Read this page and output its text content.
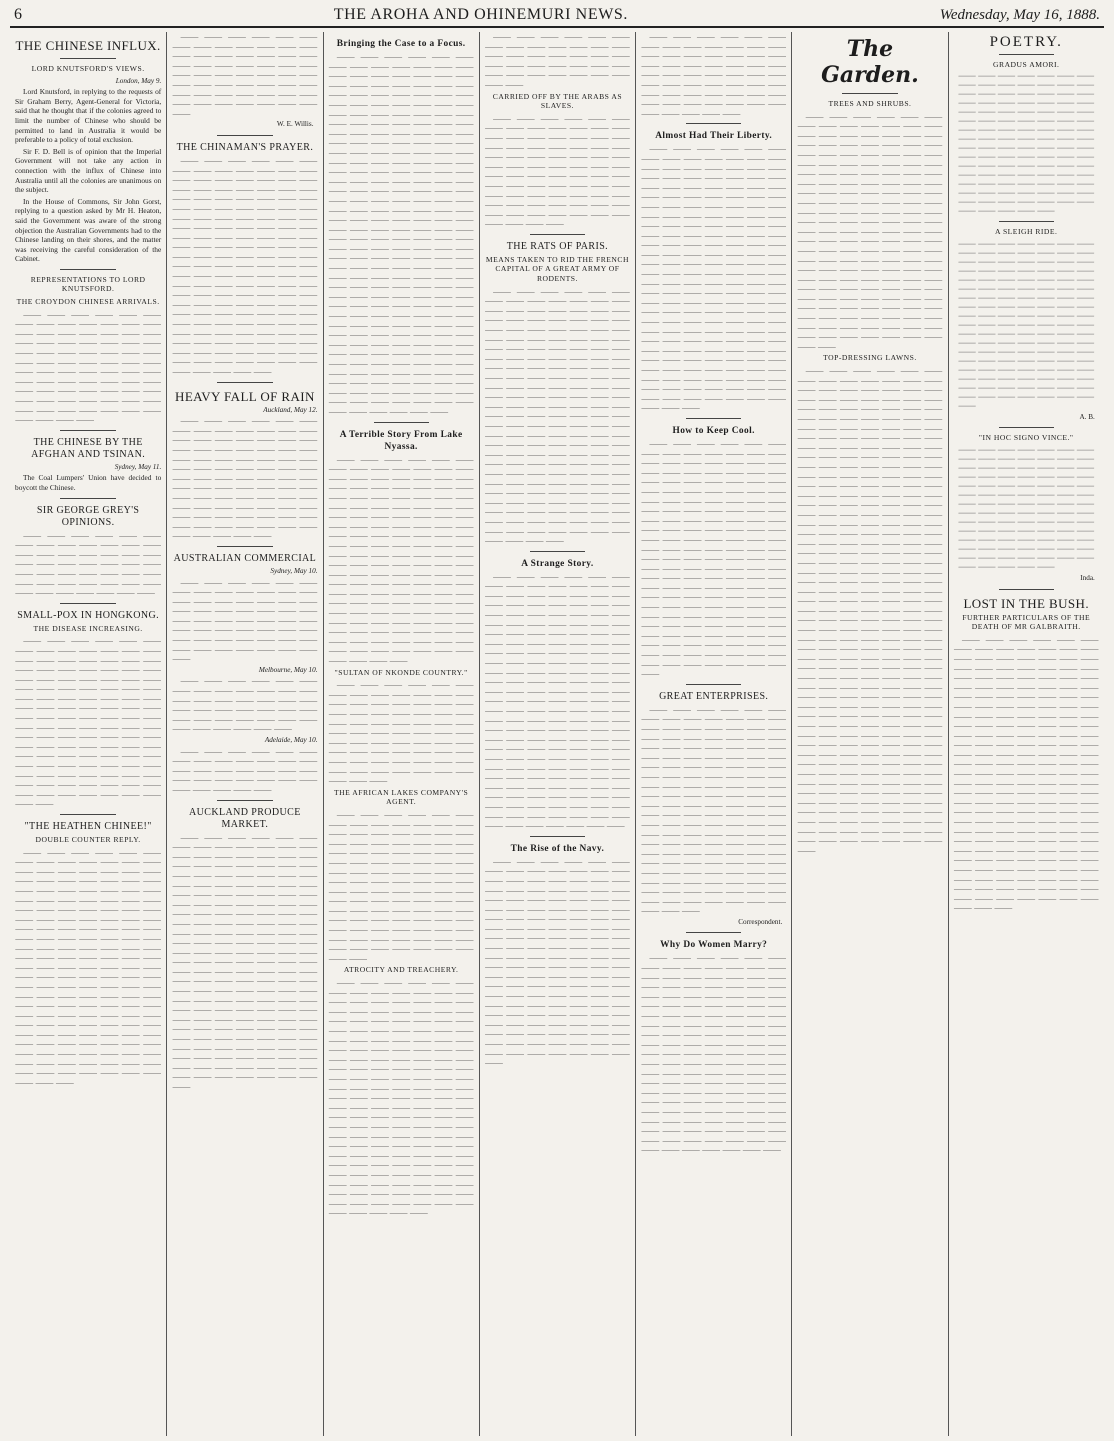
6	THE AROHA AND OHINEMURI NEWS.	Wednesday, May 16, 1888.
THE CHINESE INFLUX.
LORD KNUTSFORD'S VIEWS.
London, May 9.
Lord Knutsford, in replying to the requests of Sir Graham Berry, Agent-General for Victoria, said that he thought that if the colonies agreed to limit the number of Chinese who should be permitted to land in Australia it would be preferable to a policy of total exclusion.
Sir F. D. Bell is of opinion that the Imperial Government will not take any action in connection with the influx of Chinese into Australia until all the colonies are unanimous on the subject.
In the House of Commons, Sir John Gorst, replying to a question asked by Mr H. Heaton, said the Government was aware of the strong objection the Australian Governments had to the Chinese landing on their shores, and the matter was receiving the careful consideration of the Cabinet.
REPRESENTATIONS TO LORD KNUTSFORD.
THE CROYDON CHINESE ARRIVALS.
⸻ ⸻ ⸻ ⸻ ⸻ ⸻ ⸻ ⸻ ⸻ ⸻ ⸻ ⸻ ⸻ ⸻ ⸻ ⸻ ⸻ ⸻ ⸻ ⸻ ⸻ ⸻ ⸻ ⸻ ⸻ ⸻ ⸻ ⸻ ⸻ ⸻ ⸻ ⸻ ⸻ ⸻ ⸻ ⸻ ⸻ ⸻ ⸻ ⸻ ⸻ ⸻ ⸻ ⸻ ⸻ ⸻ ⸻ ⸻ ⸻ ⸻ ⸻ ⸻ ⸻ ⸻ ⸻ ⸻ ⸻ ⸻ ⸻ ⸻ ⸻ ⸻ ⸻ ⸻ ⸻ ⸻ ⸻ ⸻ ⸻ ⸻ ⸻ ⸻ ⸻ ⸻ ⸻ ⸻ ⸻ ⸻ ⸻ ⸻
THE CHINESE BY THE AFGHAN AND TSINAN.
Sydney, May 11.
The Coal Lumpers' Union have decided to boycott the Chinese.
SIR GEORGE GREY'S OPINIONS.
⸻ ⸻ ⸻ ⸻ ⸻ ⸻ ⸻ ⸻ ⸻ ⸻ ⸻ ⸻ ⸻ ⸻ ⸻ ⸻ ⸻ ⸻ ⸻ ⸻ ⸻ ⸻ ⸻ ⸻ ⸻ ⸻ ⸻ ⸻ ⸻ ⸻ ⸻ ⸻ ⸻ ⸻ ⸻ ⸻ ⸻ ⸻ ⸻ ⸻ ⸻ ⸻ ⸻ ⸻ ⸻ ⸻ ⸻ ⸻
SMALL-POX IN HONGKONG.
THE DISEASE INCREASING.
⸻ ⸻ ⸻ ⸻ ⸻ ⸻ ⸻ ⸻ ⸻ ⸻ ⸻ ⸻ ⸻ ⸻ ⸻ ⸻ ⸻ ⸻ ⸻ ⸻ ⸻ ⸻ ⸻ ⸻ ⸻ ⸻ ⸻ ⸻ ⸻ ⸻ ⸻ ⸻ ⸻ ⸻ ⸻ ⸻ ⸻ ⸻ ⸻ ⸻ ⸻ ⸻ ⸻ ⸻ ⸻ ⸻ ⸻ ⸻ ⸻ ⸻ ⸻ ⸻ ⸻ ⸻ ⸻ ⸻ ⸻ ⸻ ⸻ ⸻ ⸻ ⸻ ⸻ ⸻ ⸻ ⸻ ⸻ ⸻ ⸻ ⸻ ⸻ ⸻ ⸻ ⸻ ⸻ ⸻ ⸻ ⸻ ⸻ ⸻ ⸻ ⸻ ⸻ ⸻ ⸻ ⸻ ⸻ ⸻ ⸻ ⸻ ⸻ ⸻ ⸻ ⸻ ⸻ ⸻ ⸻ ⸻ ⸻ ⸻ ⸻ ⸻ ⸻ ⸻ ⸻ ⸻ ⸻ ⸻ ⸻ ⸻ ⸻ ⸻ ⸻ ⸻ ⸻ ⸻ ⸻ ⸻ ⸻ ⸻
"THE HEATHEN CHINEE!"
DOUBLE COUNTER REPLY.
⸻ ⸻ ⸻ ⸻ ⸻ ⸻ ⸻ ⸻ ⸻ ⸻ ⸻ ⸻ ⸻ ⸻ ⸻ ⸻ ⸻ ⸻ ⸻ ⸻ ⸻ ⸻ ⸻ ⸻ ⸻ ⸻ ⸻ ⸻ ⸻ ⸻ ⸻ ⸻ ⸻ ⸻ ⸻ ⸻ ⸻ ⸻ ⸻ ⸻ ⸻ ⸻ ⸻ ⸻ ⸻ ⸻ ⸻ ⸻ ⸻ ⸻ ⸻ ⸻ ⸻ ⸻ ⸻ ⸻ ⸻ ⸻ ⸻ ⸻ ⸻ ⸻ ⸻ ⸻ ⸻ ⸻ ⸻ ⸻ ⸻ ⸻ ⸻ ⸻ ⸻ ⸻ ⸻ ⸻ ⸻ ⸻ ⸻ ⸻ ⸻ ⸻ ⸻ ⸻ ⸻ ⸻ ⸻ ⸻ ⸻ ⸻ ⸻ ⸻ ⸻ ⸻ ⸻ ⸻ ⸻ ⸻ ⸻ ⸻ ⸻ ⸻ ⸻ ⸻ ⸻ ⸻ ⸻ ⸻ ⸻ ⸻ ⸻ ⸻ ⸻ ⸻ ⸻ ⸻ ⸻ ⸻ ⸻ ⸻ ⸻ ⸻ ⸻ ⸻ ⸻ ⸻ ⸻ ⸻ ⸻ ⸻ ⸻ ⸻ ⸻ ⸻ ⸻ ⸻ ⸻ ⸻ ⸻ ⸻ ⸻ ⸻ ⸻ ⸻ ⸻ ⸻ ⸻ ⸻ ⸻ ⸻ ⸻ ⸻ ⸻ ⸻ ⸻ ⸻ ⸻ ⸻ ⸻ ⸻ ⸻ ⸻ ⸻ ⸻ ⸻ ⸻ ⸻ ⸻ ⸻ ⸻
⸻ ⸻ ⸻ ⸻ ⸻ ⸻ ⸻ ⸻ ⸻ ⸻ ⸻ ⸻ ⸻ ⸻ ⸻ ⸻ ⸻ ⸻ ⸻ ⸻ ⸻ ⸻ ⸻ ⸻ ⸻ ⸻ ⸻ ⸻ ⸻ ⸻ ⸻ ⸻ ⸻ ⸻ ⸻ ⸻ ⸻ ⸻ ⸻ ⸻ ⸻ ⸻ ⸻ ⸻ ⸻ ⸻ ⸻ ⸻ ⸻ ⸻ ⸻ ⸻ ⸻ ⸻ ⸻ ⸻
W. E. Willis.
THE CHINAMAN'S PRAYER.
⸻ ⸻ ⸻ ⸻ ⸻ ⸻ ⸻ ⸻ ⸻ ⸻ ⸻ ⸻ ⸻ ⸻ ⸻ ⸻ ⸻ ⸻ ⸻ ⸻ ⸻ ⸻ ⸻ ⸻ ⸻ ⸻ ⸻ ⸻ ⸻ ⸻ ⸻ ⸻ ⸻ ⸻ ⸻ ⸻ ⸻ ⸻ ⸻ ⸻ ⸻ ⸻ ⸻ ⸻ ⸻ ⸻ ⸻ ⸻ ⸻ ⸻ ⸻ ⸻ ⸻ ⸻ ⸻ ⸻ ⸻ ⸻ ⸻ ⸻ ⸻ ⸻ ⸻ ⸻ ⸻ ⸻ ⸻ ⸻ ⸻ ⸻ ⸻ ⸻ ⸻ ⸻ ⸻ ⸻ ⸻ ⸻ ⸻ ⸻ ⸻ ⸻ ⸻ ⸻ ⸻ ⸻ ⸻ ⸻ ⸻ ⸻ ⸻ ⸻ ⸻ ⸻ ⸻ ⸻ ⸻ ⸻ ⸻ ⸻ ⸻ ⸻ ⸻ ⸻ ⸻ ⸻ ⸻ ⸻ ⸻ ⸻ ⸻ ⸻ ⸻ ⸻ ⸻ ⸻ ⸻ ⸻ ⸻ ⸻ ⸻ ⸻ ⸻ ⸻ ⸻ ⸻ ⸻ ⸻ ⸻ ⸻ ⸻ ⸻ ⸻ ⸻ ⸻ ⸻ ⸻ ⸻ ⸻ ⸻ ⸻ ⸻ ⸻ ⸻ ⸻ ⸻ ⸻ ⸻ ⸻ ⸻ ⸻ ⸻ ⸻ ⸻ ⸻ ⸻ ⸻ ⸻
HEAVY FALL OF RAIN
Auckland, May 12.
⸻ ⸻ ⸻ ⸻ ⸻ ⸻ ⸻ ⸻ ⸻ ⸻ ⸻ ⸻ ⸻ ⸻ ⸻ ⸻ ⸻ ⸻ ⸻ ⸻ ⸻ ⸻ ⸻ ⸻ ⸻ ⸻ ⸻ ⸻ ⸻ ⸻ ⸻ ⸻ ⸻ ⸻ ⸻ ⸻ ⸻ ⸻ ⸻ ⸻ ⸻ ⸻ ⸻ ⸻ ⸻ ⸻ ⸻ ⸻ ⸻ ⸻ ⸻ ⸻ ⸻ ⸻ ⸻ ⸻ ⸻ ⸻ ⸻ ⸻ ⸻ ⸻ ⸻ ⸻ ⸻ ⸻ ⸻ ⸻ ⸻ ⸻ ⸻ ⸻ ⸻ ⸻ ⸻ ⸻ ⸻ ⸻ ⸻ ⸻ ⸻ ⸻ ⸻ ⸻ ⸻ ⸻ ⸻ ⸻
AUSTRALIAN COMMERCIAL
Sydney, May 10.
⸻ ⸻ ⸻ ⸻ ⸻ ⸻ ⸻ ⸻ ⸻ ⸻ ⸻ ⸻ ⸻ ⸻ ⸻ ⸻ ⸻ ⸻ ⸻ ⸻ ⸻ ⸻ ⸻ ⸻ ⸻ ⸻ ⸻ ⸻ ⸻ ⸻ ⸻ ⸻ ⸻ ⸻ ⸻ ⸻ ⸻ ⸻ ⸻ ⸻ ⸻ ⸻ ⸻ ⸻ ⸻ ⸻ ⸻ ⸻ ⸻ ⸻ ⸻ ⸻ ⸻ ⸻ ⸻ ⸻
Melbourne, May 10.
⸻ ⸻ ⸻ ⸻ ⸻ ⸻ ⸻ ⸻ ⸻ ⸻ ⸻ ⸻ ⸻ ⸻ ⸻ ⸻ ⸻ ⸻ ⸻ ⸻ ⸻ ⸻ ⸻ ⸻ ⸻ ⸻ ⸻ ⸻ ⸻ ⸻ ⸻ ⸻ ⸻ ⸻ ⸻ ⸻ ⸻ ⸻ ⸻ ⸻
Adelaide, May 10.
⸻ ⸻ ⸻ ⸻ ⸻ ⸻ ⸻ ⸻ ⸻ ⸻ ⸻ ⸻ ⸻ ⸻ ⸻ ⸻ ⸻ ⸻ ⸻ ⸻ ⸻ ⸻ ⸻ ⸻ ⸻ ⸻ ⸻ ⸻ ⸻ ⸻ ⸻ ⸻
AUCKLAND PRODUCE MARKET.
⸻ ⸻ ⸻ ⸻ ⸻ ⸻ ⸻ ⸻ ⸻ ⸻ ⸻ ⸻ ⸻ ⸻ ⸻ ⸻ ⸻ ⸻ ⸻ ⸻ ⸻ ⸻ ⸻ ⸻ ⸻ ⸻ ⸻ ⸻ ⸻ ⸻ ⸻ ⸻ ⸻ ⸻ ⸻ ⸻ ⸻ ⸻ ⸻ ⸻ ⸻ ⸻ ⸻ ⸻ ⸻ ⸻ ⸻ ⸻ ⸻ ⸻ ⸻ ⸻ ⸻ ⸻ ⸻ ⸻ ⸻ ⸻ ⸻ ⸻ ⸻ ⸻ ⸻ ⸻ ⸻ ⸻ ⸻ ⸻ ⸻ ⸻ ⸻ ⸻ ⸻ ⸻ ⸻ ⸻ ⸻ ⸻ ⸻ ⸻ ⸻ ⸻ ⸻ ⸻ ⸻ ⸻ ⸻ ⸻ ⸻ ⸻ ⸻ ⸻ ⸻ ⸻ ⸻ ⸻ ⸻ ⸻ ⸻ ⸻ ⸻ ⸻ ⸻ ⸻ ⸻ ⸻ ⸻ ⸻ ⸻ ⸻ ⸻ ⸻ ⸻ ⸻ ⸻ ⸻ ⸻ ⸻ ⸻ ⸻ ⸻ ⸻ ⸻ ⸻ ⸻ ⸻ ⸻ ⸻ ⸻ ⸻ ⸻ ⸻ ⸻ ⸻ ⸻ ⸻ ⸻ ⸻ ⸻ ⸻ ⸻ ⸻ ⸻ ⸻ ⸻ ⸻ ⸻ ⸻ ⸻ ⸻ ⸻ ⸻ ⸻ ⸻ ⸻ ⸻ ⸻ ⸻ ⸻ ⸻ ⸻ ⸻ ⸻ ⸻ ⸻ ⸻ ⸻ ⸻ ⸻ ⸻ ⸻ ⸻ ⸻ ⸻ ⸻ ⸻ ⸻ ⸻ ⸻ ⸻ ⸻ ⸻
Bringing the Case to a Focus.
⸻ ⸻ ⸻ ⸻ ⸻ ⸻ ⸻ ⸻ ⸻ ⸻ ⸻ ⸻ ⸻ ⸻ ⸻ ⸻ ⸻ ⸻ ⸻ ⸻ ⸻ ⸻ ⸻ ⸻ ⸻ ⸻ ⸻ ⸻ ⸻ ⸻ ⸻ ⸻ ⸻ ⸻ ⸻ ⸻ ⸻ ⸻ ⸻ ⸻ ⸻ ⸻ ⸻ ⸻ ⸻ ⸻ ⸻ ⸻ ⸻ ⸻ ⸻ ⸻ ⸻ ⸻ ⸻ ⸻ ⸻ ⸻ ⸻ ⸻ ⸻ ⸻ ⸻ ⸻ ⸻ ⸻ ⸻ ⸻ ⸻ ⸻ ⸻ ⸻ ⸻ ⸻ ⸻ ⸻ ⸻ ⸻ ⸻ ⸻ ⸻ ⸻ ⸻ ⸻ ⸻ ⸻ ⸻ ⸻ ⸻ ⸻ ⸻ ⸻ ⸻ ⸻ ⸻ ⸻ ⸻ ⸻ ⸻ ⸻ ⸻ ⸻ ⸻ ⸻ ⸻ ⸻ ⸻ ⸻ ⸻ ⸻ ⸻ ⸻ ⸻ ⸻ ⸻ ⸻ ⸻ ⸻ ⸻ ⸻ ⸻ ⸻ ⸻ ⸻ ⸻ ⸻ ⸻ ⸻ ⸻ ⸻ ⸻ ⸻ ⸻ ⸻ ⸻ ⸻ ⸻ ⸻ ⸻ ⸻ ⸻ ⸻ ⸻ ⸻ ⸻ ⸻ ⸻ ⸻ ⸻ ⸻ ⸻ ⸻ ⸻ ⸻ ⸻ ⸻ ⸻ ⸻ ⸻ ⸻ ⸻ ⸻ ⸻ ⸻ ⸻ ⸻ ⸻ ⸻ ⸻ ⸻ ⸻ ⸻ ⸻ ⸻ ⸻ ⸻ ⸻ ⸻ ⸻ ⸻ ⸻ ⸻ ⸻ ⸻ ⸻ ⸻ ⸻ ⸻ ⸻ ⸻ ⸻ ⸻ ⸻ ⸻ ⸻ ⸻ ⸻ ⸻ ⸻ ⸻ ⸻ ⸻ ⸻ ⸻ ⸻ ⸻ ⸻ ⸻ ⸻ ⸻ ⸻ ⸻ ⸻ ⸻ ⸻ ⸻ ⸻ ⸻ ⸻ ⸻ ⸻ ⸻ ⸻ ⸻ ⸻ ⸻ ⸻ ⸻ ⸻ ⸻ ⸻ ⸻ ⸻ ⸻ ⸻ ⸻ ⸻ ⸻ ⸻ ⸻ ⸻ ⸻ ⸻ ⸻ ⸻ ⸻ ⸻ ⸻ ⸻ ⸻ ⸻ ⸻ ⸻ ⸻ ⸻ ⸻ ⸻ ⸻ ⸻ ⸻ ⸻ ⸻ ⸻ ⸻
A Terrible Story From Lake Nyassa.
⸻ ⸻ ⸻ ⸻ ⸻ ⸻ ⸻ ⸻ ⸻ ⸻ ⸻ ⸻ ⸻ ⸻ ⸻ ⸻ ⸻ ⸻ ⸻ ⸻ ⸻ ⸻ ⸻ ⸻ ⸻ ⸻ ⸻ ⸻ ⸻ ⸻ ⸻ ⸻ ⸻ ⸻ ⸻ ⸻ ⸻ ⸻ ⸻ ⸻ ⸻ ⸻ ⸻ ⸻ ⸻ ⸻ ⸻ ⸻ ⸻ ⸻ ⸻ ⸻ ⸻ ⸻ ⸻ ⸻ ⸻ ⸻ ⸻ ⸻ ⸻ ⸻ ⸻ ⸻ ⸻ ⸻ ⸻ ⸻ ⸻ ⸻ ⸻ ⸻ ⸻ ⸻ ⸻ ⸻ ⸻ ⸻ ⸻ ⸻ ⸻ ⸻ ⸻ ⸻ ⸻ ⸻ ⸻ ⸻ ⸻ ⸻ ⸻ ⸻ ⸻ ⸻ ⸻ ⸻ ⸻ ⸻ ⸻ ⸻ ⸻ ⸻ ⸻ ⸻ ⸻ ⸻ ⸻ ⸻ ⸻ ⸻ ⸻ ⸻ ⸻ ⸻ ⸻ ⸻ ⸻ ⸻ ⸻ ⸻ ⸻ ⸻ ⸻ ⸻ ⸻ ⸻ ⸻ ⸻ ⸻ ⸻ ⸻ ⸻ ⸻ ⸻ ⸻ ⸻ ⸻ ⸻ ⸻ ⸻ ⸻ ⸻ ⸻ ⸻ ⸻ ⸻ ⸻ ⸻ ⸻ ⸻
"SULTAN OF NKONDE COUNTRY."
⸻ ⸻ ⸻ ⸻ ⸻ ⸻ ⸻ ⸻ ⸻ ⸻ ⸻ ⸻ ⸻ ⸻ ⸻ ⸻ ⸻ ⸻ ⸻ ⸻ ⸻ ⸻ ⸻ ⸻ ⸻ ⸻ ⸻ ⸻ ⸻ ⸻ ⸻ ⸻ ⸻ ⸻ ⸻ ⸻ ⸻ ⸻ ⸻ ⸻ ⸻ ⸻ ⸻ ⸻ ⸻ ⸻ ⸻ ⸻ ⸻ ⸻ ⸻ ⸻ ⸻ ⸻ ⸻ ⸻ ⸻ ⸻ ⸻ ⸻ ⸻ ⸻ ⸻ ⸻ ⸻ ⸻ ⸻ ⸻ ⸻ ⸻ ⸻ ⸻
THE AFRICAN LAKES COMPANY'S AGENT.
⸻ ⸻ ⸻ ⸻ ⸻ ⸻ ⸻ ⸻ ⸻ ⸻ ⸻ ⸻ ⸻ ⸻ ⸻ ⸻ ⸻ ⸻ ⸻ ⸻ ⸻ ⸻ ⸻ ⸻ ⸻ ⸻ ⸻ ⸻ ⸻ ⸻ ⸻ ⸻ ⸻ ⸻ ⸻ ⸻ ⸻ ⸻ ⸻ ⸻ ⸻ ⸻ ⸻ ⸻ ⸻ ⸻ ⸻ ⸻ ⸻ ⸻ ⸻ ⸻ ⸻ ⸻ ⸻ ⸻ ⸻ ⸻ ⸻ ⸻ ⸻ ⸻ ⸻ ⸻ ⸻ ⸻ ⸻ ⸻ ⸻ ⸻ ⸻ ⸻ ⸻ ⸻ ⸻ ⸻ ⸻ ⸻ ⸻ ⸻ ⸻ ⸻ ⸻ ⸻ ⸻ ⸻ ⸻ ⸻ ⸻ ⸻ ⸻ ⸻ ⸻ ⸻ ⸻ ⸻ ⸻ ⸻ ⸻ ⸻ ⸻ ⸻ ⸻ ⸻ ⸻ ⸻
ATROCITY AND TREACHERY.
⸻ ⸻ ⸻ ⸻ ⸻ ⸻ ⸻ ⸻ ⸻ ⸻ ⸻ ⸻ ⸻ ⸻ ⸻ ⸻ ⸻ ⸻ ⸻ ⸻ ⸻ ⸻ ⸻ ⸻ ⸻ ⸻ ⸻ ⸻ ⸻ ⸻ ⸻ ⸻ ⸻ ⸻ ⸻ ⸻ ⸻ ⸻ ⸻ ⸻ ⸻ ⸻ ⸻ ⸻ ⸻ ⸻ ⸻ ⸻ ⸻ ⸻ ⸻ ⸻ ⸻ ⸻ ⸻ ⸻ ⸻ ⸻ ⸻ ⸻ ⸻ ⸻ ⸻ ⸻ ⸻ ⸻ ⸻ ⸻ ⸻ ⸻ ⸻ ⸻ ⸻ ⸻ ⸻ ⸻ ⸻ ⸻ ⸻ ⸻ ⸻ ⸻ ⸻ ⸻ ⸻ ⸻ ⸻ ⸻ ⸻ ⸻ ⸻ ⸻ ⸻ ⸻ ⸻ ⸻ ⸻ ⸻ ⸻ ⸻ ⸻ ⸻ ⸻ ⸻ ⸻ ⸻ ⸻ ⸻ ⸻ ⸻ ⸻ ⸻ ⸻ ⸻ ⸻ ⸻ ⸻ ⸻ ⸻ ⸻ ⸻ ⸻ ⸻ ⸻ ⸻ ⸻ ⸻ ⸻ ⸻ ⸻ ⸻ ⸻ ⸻ ⸻ ⸻ ⸻ ⸻ ⸻ ⸻ ⸻ ⸻ ⸻ ⸻ ⸻ ⸻ ⸻ ⸻ ⸻ ⸻ ⸻ ⸻ ⸻ ⸻ ⸻ ⸻ ⸻ ⸻ ⸻ ⸻ ⸻ ⸻ ⸻ ⸻ ⸻ ⸻ ⸻ ⸻ ⸻ ⸻ ⸻ ⸻ ⸻
⸻ ⸻ ⸻ ⸻ ⸻ ⸻ ⸻ ⸻ ⸻ ⸻ ⸻ ⸻ ⸻ ⸻ ⸻ ⸻ ⸻ ⸻ ⸻ ⸻ ⸻ ⸻ ⸻ ⸻ ⸻ ⸻ ⸻ ⸻ ⸻ ⸻ ⸻ ⸻ ⸻ ⸻ ⸻ ⸻
CARRIED OFF BY THE ARABS AS SLAVES.
⸻ ⸻ ⸻ ⸻ ⸻ ⸻ ⸻ ⸻ ⸻ ⸻ ⸻ ⸻ ⸻ ⸻ ⸻ ⸻ ⸻ ⸻ ⸻ ⸻ ⸻ ⸻ ⸻ ⸻ ⸻ ⸻ ⸻ ⸻ ⸻ ⸻ ⸻ ⸻ ⸻ ⸻ ⸻ ⸻ ⸻ ⸻ ⸻ ⸻ ⸻ ⸻ ⸻ ⸻ ⸻ ⸻ ⸻ ⸻ ⸻ ⸻ ⸻ ⸻ ⸻ ⸻ ⸻ ⸻ ⸻ ⸻ ⸻ ⸻ ⸻ ⸻ ⸻ ⸻ ⸻ ⸻ ⸻ ⸻ ⸻ ⸻ ⸻ ⸻ ⸻ ⸻ ⸻ ⸻ ⸻ ⸻ ⸻ ⸻
THE RATS OF PARIS.
MEANS TAKEN TO RID THE FRENCH CAPITAL OF A GREAT ARMY OF RODENTS.
⸻ ⸻ ⸻ ⸻ ⸻ ⸻ ⸻ ⸻ ⸻ ⸻ ⸻ ⸻ ⸻ ⸻ ⸻ ⸻ ⸻ ⸻ ⸻ ⸻ ⸻ ⸻ ⸻ ⸻ ⸻ ⸻ ⸻ ⸻ ⸻ ⸻ ⸻ ⸻ ⸻ ⸻ ⸻ ⸻ ⸻ ⸻ ⸻ ⸻ ⸻ ⸻ ⸻ ⸻ ⸻ ⸻ ⸻ ⸻ ⸻ ⸻ ⸻ ⸻ ⸻ ⸻ ⸻ ⸻ ⸻ ⸻ ⸻ ⸻ ⸻ ⸻ ⸻ ⸻ ⸻ ⸻ ⸻ ⸻ ⸻ ⸻ ⸻ ⸻ ⸻ ⸻ ⸻ ⸻ ⸻ ⸻ ⸻ ⸻ ⸻ ⸻ ⸻ ⸻ ⸻ ⸻ ⸻ ⸻ ⸻ ⸻ ⸻ ⸻ ⸻ ⸻ ⸻ ⸻ ⸻ ⸻ ⸻ ⸻ ⸻ ⸻ ⸻ ⸻ ⸻ ⸻ ⸻ ⸻ ⸻ ⸻ ⸻ ⸻ ⸻ ⸻ ⸻ ⸻ ⸻ ⸻ ⸻ ⸻ ⸻ ⸻ ⸻ ⸻ ⸻ ⸻ ⸻ ⸻ ⸻ ⸻ ⸻ ⸻ ⸻ ⸻ ⸻ ⸻ ⸻ ⸻ ⸻ ⸻ ⸻ ⸻ ⸻ ⸻ ⸻ ⸻ ⸻ ⸻ ⸻ ⸻ ⸻ ⸻ ⸻ ⸻ ⸻ ⸻ ⸻ ⸻ ⸻ ⸻ ⸻ ⸻ ⸻ ⸻ ⸻ ⸻ ⸻ ⸻ ⸻ ⸻ ⸻ ⸻ ⸻ ⸻ ⸻ ⸻ ⸻ ⸻ ⸻ ⸻ ⸻ ⸻ ⸻ ⸻ ⸻
A Strange Story.
⸻ ⸻ ⸻ ⸻ ⸻ ⸻ ⸻ ⸻ ⸻ ⸻ ⸻ ⸻ ⸻ ⸻ ⸻ ⸻ ⸻ ⸻ ⸻ ⸻ ⸻ ⸻ ⸻ ⸻ ⸻ ⸻ ⸻ ⸻ ⸻ ⸻ ⸻ ⸻ ⸻ ⸻ ⸻ ⸻ ⸻ ⸻ ⸻ ⸻ ⸻ ⸻ ⸻ ⸻ ⸻ ⸻ ⸻ ⸻ ⸻ ⸻ ⸻ ⸻ ⸻ ⸻ ⸻ ⸻ ⸻ ⸻ ⸻ ⸻ ⸻ ⸻ ⸻ ⸻ ⸻ ⸻ ⸻ ⸻ ⸻ ⸻ ⸻ ⸻ ⸻ ⸻ ⸻ ⸻ ⸻ ⸻ ⸻ ⸻ ⸻ ⸻ ⸻ ⸻ ⸻ ⸻ ⸻ ⸻ ⸻ ⸻ ⸻ ⸻ ⸻ ⸻ ⸻ ⸻ ⸻ ⸻ ⸻ ⸻ ⸻ ⸻ ⸻ ⸻ ⸻ ⸻ ⸻ ⸻ ⸻ ⸻ ⸻ ⸻ ⸻ ⸻ ⸻ ⸻ ⸻ ⸻ ⸻ ⸻ ⸻ ⸻ ⸻ ⸻ ⸻ ⸻ ⸻ ⸻ ⸻ ⸻ ⸻ ⸻ ⸻ ⸻ ⸻ ⸻ ⸻ ⸻ ⸻ ⸻ ⸻ ⸻ ⸻ ⸻ ⸻ ⸻ ⸻ ⸻ ⸻ ⸻ ⸻ ⸻ ⸻ ⸻ ⸻ ⸻ ⸻ ⸻ ⸻ ⸻ ⸻ ⸻ ⸻ ⸻ ⸻ ⸻ ⸻ ⸻ ⸻ ⸻ ⸻ ⸻ ⸻ ⸻ ⸻ ⸻ ⸻ ⸻ ⸻ ⸻ ⸻ ⸻ ⸻ ⸻ ⸻ ⸻ ⸻ ⸻
The Rise of the Navy.
⸻ ⸻ ⸻ ⸻ ⸻ ⸻ ⸻ ⸻ ⸻ ⸻ ⸻ ⸻ ⸻ ⸻ ⸻ ⸻ ⸻ ⸻ ⸻ ⸻ ⸻ ⸻ ⸻ ⸻ ⸻ ⸻ ⸻ ⸻ ⸻ ⸻ ⸻ ⸻ ⸻ ⸻ ⸻ ⸻ ⸻ ⸻ ⸻ ⸻ ⸻ ⸻ ⸻ ⸻ ⸻ ⸻ ⸻ ⸻ ⸻ ⸻ ⸻ ⸻ ⸻ ⸻ ⸻ ⸻ ⸻ ⸻ ⸻ ⸻ ⸻ ⸻ ⸻ ⸻ ⸻ ⸻ ⸻ ⸻ ⸻ ⸻ ⸻ ⸻ ⸻ ⸻ ⸻ ⸻ ⸻ ⸻ ⸻ ⸻ ⸻ ⸻ ⸻ ⸻ ⸻ ⸻ ⸻ ⸻ ⸻ ⸻ ⸻ ⸻ ⸻ ⸻ ⸻ ⸻ ⸻ ⸻ ⸻ ⸻ ⸻ ⸻ ⸻ ⸻ ⸻ ⸻ ⸻ ⸻ ⸻ ⸻ ⸻ ⸻ ⸻ ⸻ ⸻ ⸻ ⸻ ⸻ ⸻ ⸻ ⸻ ⸻ ⸻ ⸻ ⸻ ⸻ ⸻ ⸻ ⸻ ⸻ ⸻ ⸻ ⸻ ⸻ ⸻ ⸻ ⸻ ⸻ ⸻ ⸻ ⸻ ⸻ ⸻ ⸻ ⸻ ⸻ ⸻
⸻ ⸻ ⸻ ⸻ ⸻ ⸻ ⸻ ⸻ ⸻ ⸻ ⸻ ⸻ ⸻ ⸻ ⸻ ⸻ ⸻ ⸻ ⸻ ⸻ ⸻ ⸻ ⸻ ⸻ ⸻ ⸻ ⸻ ⸻ ⸻ ⸻ ⸻ ⸻ ⸻ ⸻ ⸻ ⸻ ⸻ ⸻ ⸻ ⸻ ⸻ ⸻ ⸻ ⸻ ⸻ ⸻ ⸻ ⸻ ⸻ ⸻ ⸻ ⸻ ⸻ ⸻ ⸻ ⸻ ⸻ ⸻ ⸻ ⸻
Almost Had Their Liberty.
⸻ ⸻ ⸻ ⸻ ⸻ ⸻ ⸻ ⸻ ⸻ ⸻ ⸻ ⸻ ⸻ ⸻ ⸻ ⸻ ⸻ ⸻ ⸻ ⸻ ⸻ ⸻ ⸻ ⸻ ⸻ ⸻ ⸻ ⸻ ⸻ ⸻ ⸻ ⸻ ⸻ ⸻ ⸻ ⸻ ⸻ ⸻ ⸻ ⸻ ⸻ ⸻ ⸻ ⸻ ⸻ ⸻ ⸻ ⸻ ⸻ ⸻ ⸻ ⸻ ⸻ ⸻ ⸻ ⸻ ⸻ ⸻ ⸻ ⸻ ⸻ ⸻ ⸻ ⸻ ⸻ ⸻ ⸻ ⸻ ⸻ ⸻ ⸻ ⸻ ⸻ ⸻ ⸻ ⸻ ⸻ ⸻ ⸻ ⸻ ⸻ ⸻ ⸻ ⸻ ⸻ ⸻ ⸻ ⸻ ⸻ ⸻ ⸻ ⸻ ⸻ ⸻ ⸻ ⸻ ⸻ ⸻ ⸻ ⸻ ⸻ ⸻ ⸻ ⸻ ⸻ ⸻ ⸻ ⸻ ⸻ ⸻ ⸻ ⸻ ⸻ ⸻ ⸻ ⸻ ⸻ ⸻ ⸻ ⸻ ⸻ ⸻ ⸻ ⸻ ⸻ ⸻ ⸻ ⸻ ⸻ ⸻ ⸻ ⸻ ⸻ ⸻ ⸻ ⸻ ⸻ ⸻ ⸻ ⸻ ⸻ ⸻ ⸻ ⸻ ⸻ ⸻ ⸻ ⸻ ⸻ ⸻ ⸻ ⸻ ⸻ ⸻ ⸻ ⸻ ⸻ ⸻ ⸻ ⸻ ⸻ ⸻ ⸻ ⸻ ⸻ ⸻ ⸻ ⸻ ⸻ ⸻ ⸻ ⸻ ⸻ ⸻ ⸻ ⸻ ⸻ ⸻ ⸻ ⸻ ⸻ ⸻ ⸻ ⸻ ⸻ ⸻ ⸻ ⸻ ⸻ ⸻ ⸻
How to Keep Cool.
⸻ ⸻ ⸻ ⸻ ⸻ ⸻ ⸻ ⸻ ⸻ ⸻ ⸻ ⸻ ⸻ ⸻ ⸻ ⸻ ⸻ ⸻ ⸻ ⸻ ⸻ ⸻ ⸻ ⸻ ⸻ ⸻ ⸻ ⸻ ⸻ ⸻ ⸻ ⸻ ⸻ ⸻ ⸻ ⸻ ⸻ ⸻ ⸻ ⸻ ⸻ ⸻ ⸻ ⸻ ⸻ ⸻ ⸻ ⸻ ⸻ ⸻ ⸻ ⸻ ⸻ ⸻ ⸻ ⸻ ⸻ ⸻ ⸻ ⸻ ⸻ ⸻ ⸻ ⸻ ⸻ ⸻ ⸻ ⸻ ⸻ ⸻ ⸻ ⸻ ⸻ ⸻ ⸻ ⸻ ⸻ ⸻ ⸻ ⸻ ⸻ ⸻ ⸻ ⸻ ⸻ ⸻ ⸻ ⸻ ⸻ ⸻ ⸻ ⸻ ⸻ ⸻ ⸻ ⸻ ⸻ ⸻ ⸻ ⸻ ⸻ ⸻ ⸻ ⸻ ⸻ ⸻ ⸻ ⸻ ⸻ ⸻ ⸻ ⸻ ⸻ ⸻ ⸻ ⸻ ⸻ ⸻ ⸻ ⸻ ⸻ ⸻ ⸻ ⸻ ⸻ ⸻ ⸻ ⸻ ⸻ ⸻ ⸻ ⸻ ⸻ ⸻ ⸻ ⸻ ⸻ ⸻ ⸻ ⸻ ⸻ ⸻ ⸻ ⸻ ⸻ ⸻ ⸻ ⸻ ⸻ ⸻ ⸻ ⸻ ⸻ ⸻ ⸻ ⸻ ⸻ ⸻ ⸻ ⸻ ⸻ ⸻ ⸻ ⸻ ⸻ ⸻ ⸻ ⸻
GREAT ENTERPRISES.
⸻ ⸻ ⸻ ⸻ ⸻ ⸻ ⸻ ⸻ ⸻ ⸻ ⸻ ⸻ ⸻ ⸻ ⸻ ⸻ ⸻ ⸻ ⸻ ⸻ ⸻ ⸻ ⸻ ⸻ ⸻ ⸻ ⸻ ⸻ ⸻ ⸻ ⸻ ⸻ ⸻ ⸻ ⸻ ⸻ ⸻ ⸻ ⸻ ⸻ ⸻ ⸻ ⸻ ⸻ ⸻ ⸻ ⸻ ⸻ ⸻ ⸻ ⸻ ⸻ ⸻ ⸻ ⸻ ⸻ ⸻ ⸻ ⸻ ⸻ ⸻ ⸻ ⸻ ⸻ ⸻ ⸻ ⸻ ⸻ ⸻ ⸻ ⸻ ⸻ ⸻ ⸻ ⸻ ⸻ ⸻ ⸻ ⸻ ⸻ ⸻ ⸻ ⸻ ⸻ ⸻ ⸻ ⸻ ⸻ ⸻ ⸻ ⸻ ⸻ ⸻ ⸻ ⸻ ⸻ ⸻ ⸻ ⸻ ⸻ ⸻ ⸻ ⸻ ⸻ ⸻ ⸻ ⸻ ⸻ ⸻ ⸻ ⸻ ⸻ ⸻ ⸻ ⸻ ⸻ ⸻ ⸻ ⸻ ⸻ ⸻ ⸻ ⸻ ⸻ ⸻ ⸻ ⸻ ⸻ ⸻ ⸻ ⸻ ⸻ ⸻ ⸻ ⸻ ⸻ ⸻ ⸻ ⸻ ⸻ ⸻ ⸻ ⸻ ⸻ ⸻ ⸻ ⸻ ⸻ ⸻
Correspondent.
Why Do Women Marry?
⸻ ⸻ ⸻ ⸻ ⸻ ⸻ ⸻ ⸻ ⸻ ⸻ ⸻ ⸻ ⸻ ⸻ ⸻ ⸻ ⸻ ⸻ ⸻ ⸻ ⸻ ⸻ ⸻ ⸻ ⸻ ⸻ ⸻ ⸻ ⸻ ⸻ ⸻ ⸻ ⸻ ⸻ ⸻ ⸻ ⸻ ⸻ ⸻ ⸻ ⸻ ⸻ ⸻ ⸻ ⸻ ⸻ ⸻ ⸻ ⸻ ⸻ ⸻ ⸻ ⸻ ⸻ ⸻ ⸻ ⸻ ⸻ ⸻ ⸻ ⸻ ⸻ ⸻ ⸻ ⸻ ⸻ ⸻ ⸻ ⸻ ⸻ ⸻ ⸻ ⸻ ⸻ ⸻ ⸻ ⸻ ⸻ ⸻ ⸻ ⸻ ⸻ ⸻ ⸻ ⸻ ⸻ ⸻ ⸻ ⸻ ⸻ ⸻ ⸻ ⸻ ⸻ ⸻ ⸻ ⸻ ⸻ ⸻ ⸻ ⸻ ⸻ ⸻ ⸻ ⸻ ⸻ ⸻ ⸻ ⸻ ⸻ ⸻ ⸻ ⸻ ⸻ ⸻ ⸻ ⸻ ⸻ ⸻ ⸻ ⸻ ⸻ ⸻ ⸻ ⸻ ⸻ ⸻ ⸻ ⸻ ⸻ ⸻ ⸻ ⸻ ⸻ ⸻ ⸻ ⸻ ⸻ ⸻ ⸻ ⸻ ⸻ ⸻ ⸻ ⸻ ⸻
The Garden.
TREES AND SHRUBS.
⸻ ⸻ ⸻ ⸻ ⸻ ⸻ ⸻ ⸻ ⸻ ⸻ ⸻ ⸻ ⸻ ⸻ ⸻ ⸻ ⸻ ⸻ ⸻ ⸻ ⸻ ⸻ ⸻ ⸻ ⸻ ⸻ ⸻ ⸻ ⸻ ⸻ ⸻ ⸻ ⸻ ⸻ ⸻ ⸻ ⸻ ⸻ ⸻ ⸻ ⸻ ⸻ ⸻ ⸻ ⸻ ⸻ ⸻ ⸻ ⸻ ⸻ ⸻ ⸻ ⸻ ⸻ ⸻ ⸻ ⸻ ⸻ ⸻ ⸻ ⸻ ⸻ ⸻ ⸻ ⸻ ⸻ ⸻ ⸻ ⸻ ⸻ ⸻ ⸻ ⸻ ⸻ ⸻ ⸻ ⸻ ⸻ ⸻ ⸻ ⸻ ⸻ ⸻ ⸻ ⸻ ⸻ ⸻ ⸻ ⸻ ⸻ ⸻ ⸻ ⸻ ⸻ ⸻ ⸻ ⸻ ⸻ ⸻ ⸻ ⸻ ⸻ ⸻ ⸻ ⸻ ⸻ ⸻ ⸻ ⸻ ⸻ ⸻ ⸻ ⸻ ⸻ ⸻ ⸻ ⸻ ⸻ ⸻ ⸻ ⸻ ⸻ ⸻ ⸻ ⸻ ⸻ ⸻ ⸻ ⸻ ⸻ ⸻ ⸻ ⸻ ⸻ ⸻ ⸻ ⸻ ⸻ ⸻ ⸻ ⸻ ⸻ ⸻ ⸻ ⸻ ⸻ ⸻ ⸻ ⸻ ⸻ ⸻ ⸻ ⸻ ⸻ ⸻ ⸻ ⸻ ⸻ ⸻ ⸻ ⸻ ⸻ ⸻ ⸻ ⸻ ⸻ ⸻ ⸻ ⸻
TOP-DRESSING LAWNS.
⸻ ⸻ ⸻ ⸻ ⸻ ⸻ ⸻ ⸻ ⸻ ⸻ ⸻ ⸻ ⸻ ⸻ ⸻ ⸻ ⸻ ⸻ ⸻ ⸻ ⸻ ⸻ ⸻ ⸻ ⸻ ⸻ ⸻ ⸻ ⸻ ⸻ ⸻ ⸻ ⸻ ⸻ ⸻ ⸻ ⸻ ⸻ ⸻ ⸻ ⸻ ⸻ ⸻ ⸻ ⸻ ⸻ ⸻ ⸻ ⸻ ⸻ ⸻ ⸻ ⸻ ⸻ ⸻ ⸻ ⸻ ⸻ ⸻ ⸻ ⸻ ⸻ ⸻ ⸻ ⸻ ⸻ ⸻ ⸻ ⸻ ⸻ ⸻ ⸻ ⸻ ⸻ ⸻ ⸻ ⸻ ⸻ ⸻ ⸻ ⸻ ⸻ ⸻ ⸻ ⸻ ⸻ ⸻ ⸻ ⸻ ⸻ ⸻ ⸻ ⸻ ⸻ ⸻ ⸻ ⸻ ⸻ ⸻ ⸻ ⸻ ⸻ ⸻ ⸻ ⸻ ⸻ ⸻ ⸻ ⸻ ⸻ ⸻ ⸻ ⸻ ⸻ ⸻ ⸻ ⸻ ⸻ ⸻ ⸻ ⸻ ⸻ ⸻ ⸻ ⸻ ⸻ ⸻ ⸻ ⸻ ⸻ ⸻ ⸻ ⸻ ⸻ ⸻ ⸻ ⸻ ⸻ ⸻ ⸻ ⸻ ⸻ ⸻ ⸻ ⸻ ⸻ ⸻ ⸻ ⸻ ⸻ ⸻ ⸻ ⸻ ⸻ ⸻ ⸻ ⸻ ⸻ ⸻ ⸻ ⸻ ⸻ ⸻ ⸻ ⸻ ⸻ ⸻ ⸻ ⸻ ⸻ ⸻ ⸻ ⸻ ⸻ ⸻ ⸻ ⸻ ⸻ ⸻ ⸻ ⸻ ⸻ ⸻ ⸻ ⸻ ⸻ ⸻ ⸻ ⸻ ⸻ ⸻ ⸻ ⸻ ⸻ ⸻ ⸻ ⸻ ⸻ ⸻ ⸻ ⸻ ⸻ ⸻ ⸻ ⸻ ⸻ ⸻ ⸻ ⸻ ⸻ ⸻ ⸻ ⸻ ⸻ ⸻ ⸻ ⸻ ⸻ ⸻ ⸻ ⸻ ⸻ ⸻ ⸻ ⸻ ⸻ ⸻ ⸻ ⸻ ⸻ ⸻ ⸻ ⸻ ⸻ ⸻ ⸻ ⸻ ⸻ ⸻ ⸻ ⸻ ⸻ ⸻ ⸻ ⸻ ⸻ ⸻ ⸻ ⸻ ⸻ ⸻ ⸻ ⸻ ⸻ ⸻ ⸻ ⸻ ⸻ ⸻ ⸻ ⸻ ⸻ ⸻ ⸻ ⸻ ⸻ ⸻ ⸻ ⸻ ⸻ ⸻ ⸻ ⸻ ⸻ ⸻ ⸻ ⸻ ⸻ ⸻ ⸻ ⸻ ⸻ ⸻ ⸻ ⸻ ⸻ ⸻ ⸻ ⸻ ⸻ ⸻ ⸻ ⸻ ⸻ ⸻ ⸻ ⸻ ⸻ ⸻ ⸻ ⸻ ⸻ ⸻ ⸻ ⸻ ⸻ ⸻ ⸻ ⸻ ⸻ ⸻ ⸻ ⸻ ⸻ ⸻ ⸻ ⸻ ⸻ ⸻ ⸻ ⸻ ⸻ ⸻ ⸻ ⸻ ⸻ ⸻ ⸻ ⸻ ⸻ ⸻ ⸻ ⸻ ⸻ ⸻ ⸻ ⸻ ⸻ ⸻ ⸻ ⸻ ⸻ ⸻ ⸻ ⸻ ⸻ ⸻ ⸻ ⸻ ⸻
POETRY.
GRADUS AMORI.
⸻ ⸻ ⸻ ⸻ ⸻ ⸻ ⸻ ⸻ ⸻ ⸻ ⸻ ⸻ ⸻ ⸻ ⸻ ⸻ ⸻ ⸻ ⸻ ⸻ ⸻ ⸻ ⸻ ⸻ ⸻ ⸻ ⸻ ⸻ ⸻ ⸻ ⸻ ⸻ ⸻ ⸻ ⸻ ⸻ ⸻ ⸻ ⸻ ⸻ ⸻ ⸻ ⸻ ⸻ ⸻ ⸻ ⸻ ⸻ ⸻ ⸻ ⸻ ⸻ ⸻ ⸻ ⸻ ⸻ ⸻ ⸻ ⸻ ⸻ ⸻ ⸻ ⸻ ⸻ ⸻ ⸻ ⸻ ⸻ ⸻ ⸻ ⸻ ⸻ ⸻ ⸻ ⸻ ⸻ ⸻ ⸻ ⸻ ⸻ ⸻ ⸻ ⸻ ⸻ ⸻ ⸻ ⸻ ⸻ ⸻ ⸻ ⸻ ⸻ ⸻ ⸻ ⸻ ⸻ ⸻ ⸻ ⸻ ⸻ ⸻ ⸻ ⸻ ⸻ ⸻ ⸻ ⸻ ⸻ ⸻ ⸻
A SLEIGH RIDE.
⸻ ⸻ ⸻ ⸻ ⸻ ⸻ ⸻ ⸻ ⸻ ⸻ ⸻ ⸻ ⸻ ⸻ ⸻ ⸻ ⸻ ⸻ ⸻ ⸻ ⸻ ⸻ ⸻ ⸻ ⸻ ⸻ ⸻ ⸻ ⸻ ⸻ ⸻ ⸻ ⸻ ⸻ ⸻ ⸻ ⸻ ⸻ ⸻ ⸻ ⸻ ⸻ ⸻ ⸻ ⸻ ⸻ ⸻ ⸻ ⸻ ⸻ ⸻ ⸻ ⸻ ⸻ ⸻ ⸻ ⸻ ⸻ ⸻ ⸻ ⸻ ⸻ ⸻ ⸻ ⸻ ⸻ ⸻ ⸻ ⸻ ⸻ ⸻ ⸻ ⸻ ⸻ ⸻ ⸻ ⸻ ⸻ ⸻ ⸻ ⸻ ⸻ ⸻ ⸻ ⸻ ⸻ ⸻ ⸻ ⸻ ⸻ ⸻ ⸻ ⸻ ⸻ ⸻ ⸻ ⸻ ⸻ ⸻ ⸻ ⸻ ⸻ ⸻ ⸻ ⸻ ⸻ ⸻ ⸻ ⸻ ⸻ ⸻ ⸻ ⸻ ⸻ ⸻ ⸻ ⸻ ⸻ ⸻ ⸻ ⸻ ⸻ ⸻ ⸻ ⸻ ⸻ ⸻
A. B.
"IN HOC SIGNO VINCE."
⸻ ⸻ ⸻ ⸻ ⸻ ⸻ ⸻ ⸻ ⸻ ⸻ ⸻ ⸻ ⸻ ⸻ ⸻ ⸻ ⸻ ⸻ ⸻ ⸻ ⸻ ⸻ ⸻ ⸻ ⸻ ⸻ ⸻ ⸻ ⸻ ⸻ ⸻ ⸻ ⸻ ⸻ ⸻ ⸻ ⸻ ⸻ ⸻ ⸻ ⸻ ⸻ ⸻ ⸻ ⸻ ⸻ ⸻ ⸻ ⸻ ⸻ ⸻ ⸻ ⸻ ⸻ ⸻ ⸻ ⸻ ⸻ ⸻ ⸻ ⸻ ⸻ ⸻ ⸻ ⸻ ⸻ ⸻ ⸻ ⸻ ⸻ ⸻ ⸻ ⸻ ⸻ ⸻ ⸻ ⸻ ⸻ ⸻ ⸻ ⸻ ⸻ ⸻ ⸻ ⸻ ⸻ ⸻ ⸻ ⸻ ⸻ ⸻ ⸻ ⸻ ⸻ ⸻ ⸻
Inda.
LOST IN THE BUSH.
FURTHER PARTICULARS OF THE DEATH OF MR GALBRAITH.
⸻ ⸻ ⸻ ⸻ ⸻ ⸻ ⸻ ⸻ ⸻ ⸻ ⸻ ⸻ ⸻ ⸻ ⸻ ⸻ ⸻ ⸻ ⸻ ⸻ ⸻ ⸻ ⸻ ⸻ ⸻ ⸻ ⸻ ⸻ ⸻ ⸻ ⸻ ⸻ ⸻ ⸻ ⸻ ⸻ ⸻ ⸻ ⸻ ⸻ ⸻ ⸻ ⸻ ⸻ ⸻ ⸻ ⸻ ⸻ ⸻ ⸻ ⸻ ⸻ ⸻ ⸻ ⸻ ⸻ ⸻ ⸻ ⸻ ⸻ ⸻ ⸻ ⸻ ⸻ ⸻ ⸻ ⸻ ⸻ ⸻ ⸻ ⸻ ⸻ ⸻ ⸻ ⸻ ⸻ ⸻ ⸻ ⸻ ⸻ ⸻ ⸻ ⸻ ⸻ ⸻ ⸻ ⸻ ⸻ ⸻ ⸻ ⸻ ⸻ ⸻ ⸻ ⸻ ⸻ ⸻ ⸻ ⸻ ⸻ ⸻ ⸻ ⸻ ⸻ ⸻ ⸻ ⸻ ⸻ ⸻ ⸻ ⸻ ⸻ ⸻ ⸻ ⸻ ⸻ ⸻ ⸻ ⸻ ⸻ ⸻ ⸻ ⸻ ⸻ ⸻ ⸻ ⸻ ⸻ ⸻ ⸻ ⸻ ⸻ ⸻ ⸻ ⸻ ⸻ ⸻ ⸻ ⸻ ⸻ ⸻ ⸻ ⸻ ⸻ ⸻ ⸻ ⸻ ⸻ ⸻ ⸻ ⸻ ⸻ ⸻ ⸻ ⸻ ⸻ ⸻ ⸻ ⸻ ⸻ ⸻ ⸻ ⸻ ⸻ ⸻ ⸻ ⸻ ⸻ ⸻ ⸻ ⸻ ⸻ ⸻ ⸻ ⸻ ⸻ ⸻ ⸻ ⸻ ⸻ ⸻ ⸻ ⸻ ⸻ ⸻ ⸻ ⸻ ⸻ ⸻ ⸻ ⸻ ⸻ ⸻ ⸻ ⸻ ⸻ ⸻ ⸻
